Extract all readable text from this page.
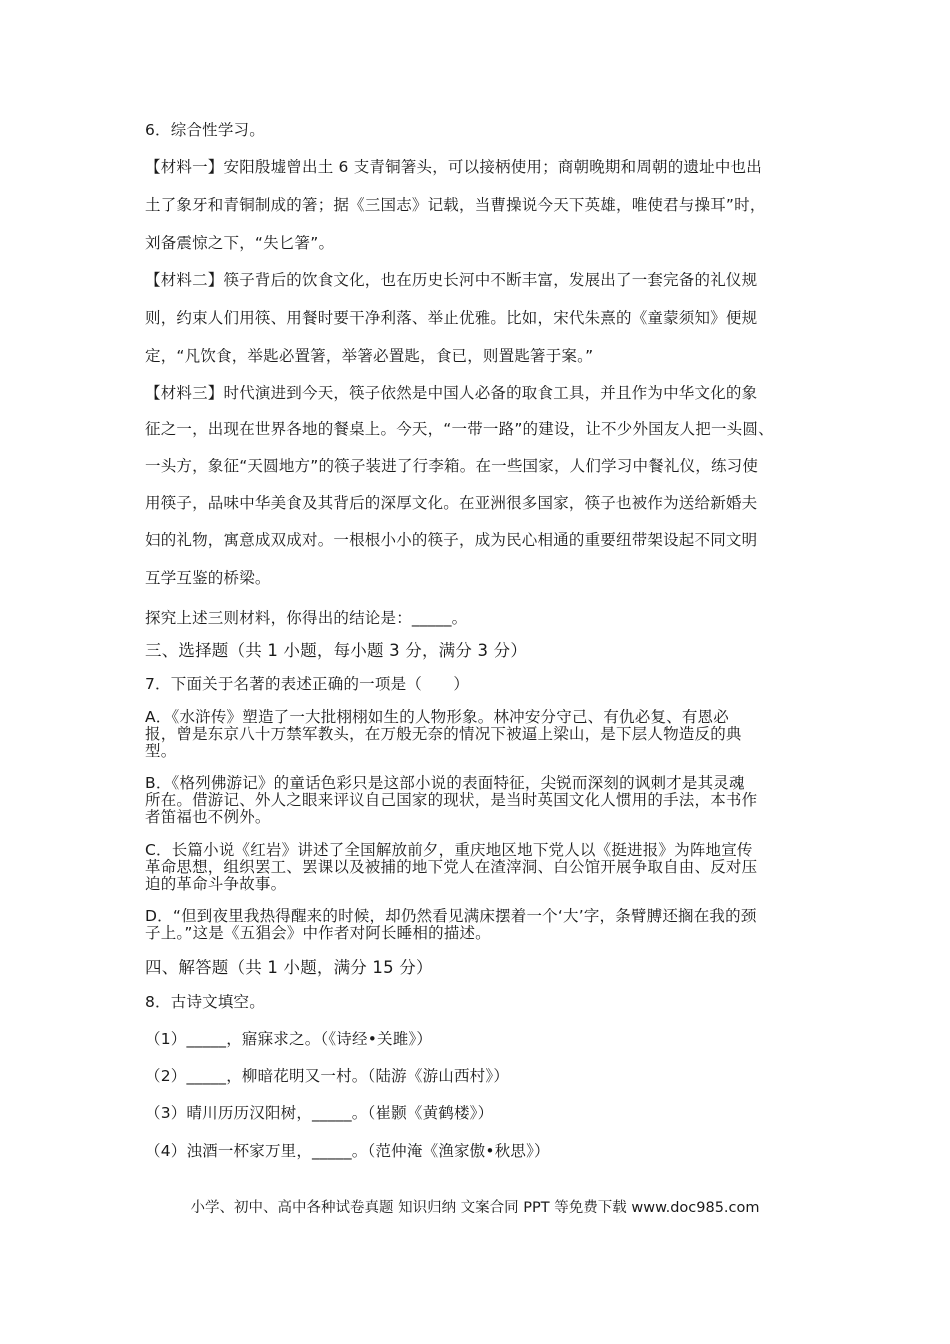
6．综合性学习。
【材料一】安阳殷墟曾出土 6 支青铜箸头，可以接柄使用；商朝晚期和周朝的遗址中也出
土了象牙和青铜制成的箸；据《三国志》记载，当曹操说今天下英雄，唯使君与操耳”时，
刘备震惊之下，“失匕箸”。
【材料二】筷子背后的饮食文化，也在历史长河中不断丰富，发展出了一套完备的礼仪规
则，约束人们用筷、用餐时要干净利落、举止优雅。比如，宋代朱熹的《童蒙须知》便规
定，“凡饮食，举匙必置箸，举箸必置匙，食已，则置匙箸于案。”
【材料三】时代演进到今天，筷子依然是中国人必备的取食工具，并且作为中华文化的象
征之一，出现在世界各地的餐桌上。今天，“一带一路”的建设，让不少外国友人把一头圆、
一头方，象征“天圆地方”的筷子装进了行李箱。在一些国家，人们学习中餐礼仪，练习使
用筷子，品味中华美食及其背后的深厚文化。在亚洲很多国家，筷子也被作为送给新婚夫
妇的礼物，寓意成双成对。一根根小小的筷子，成为民心相通的重要纽带架设起不同文明
互学互鉴的桥梁。
探究上述三则材料，你得出的结论是：_____。
三、选择题（共 1 小题，每小题 3 分，满分 3 分）
7．下面关于名著的表述正确的一项是（　　）
A．《水浒传》塑造了一大批栩栩如生的人物形象。林冲安分守己、有仇必复、有恩必
报，曾是东京八十万禁军教头，在万般无奈的情况下被逼上梁山，是下层人物造反的典
型。
B．《格列佛游记》的童话色彩只是这部小说的表面特征，尖锐而深刻的讽刺才是其灵魂
所在。借游记、外人之眼来评议自己国家的现状，是当时英国文化人惯用的手法，本书作
者笛福也不例外。
C．长篇小说《红岩》讲述了全国解放前夕，重庆地区地下党人以《挺进报》为阵地宣传
革命思想，组织罢工、罢课以及被捕的地下党人在渣滓洞、白公馆开展争取自由、反对压
迫的革命斗争故事。
D．“但到夜里我热得醒来的时候，却仍然看见满床摆着一个‘大’字，条臂膊还搁在我的颈
子上。”这是《五猖会》中作者对阿长睡相的描述。
四、解答题（共 1 小题，满分 15 分）
8．古诗文填空。
（1）_____，寤寐求之。（《诗经•关雎》）
（2）_____，柳暗花明又一村。（陆游《游山西村》）
（3）晴川历历汉阳树，_____。（崔颢《黄鹤楼》）
（4）浊酒一杯家万里，_____。（范仲淹《渔家傲•秋思》）
小学、初中、高中各种试卷真题 知识归纳 文案合同 PPT 等免费下载 www.doc985.com
